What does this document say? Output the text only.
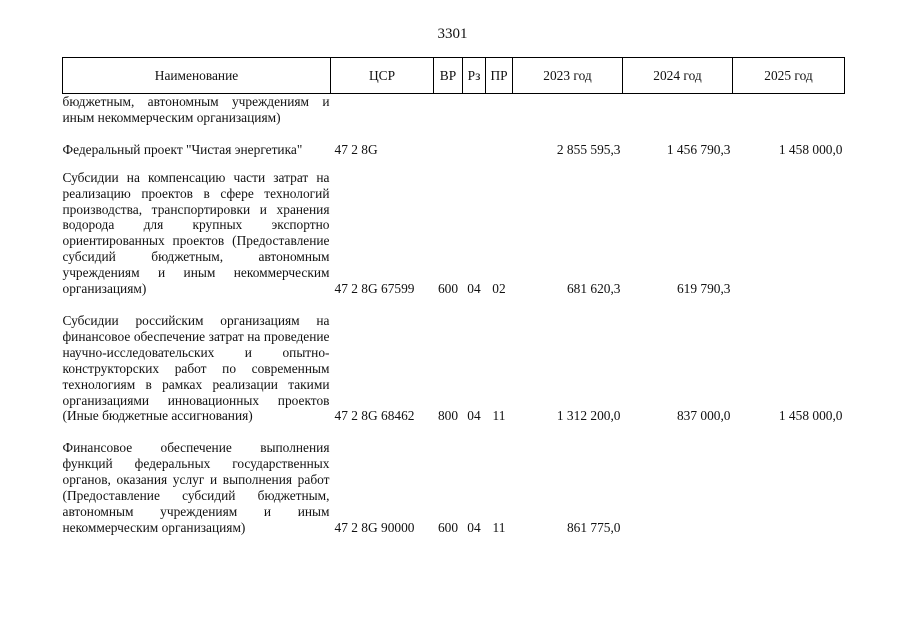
3301
Наименование	ЦСР	ВР	Рз	ПР	2023 год	2024 год	2025 год
бюджетным, автономным учреждениям и иным некоммерческим организациям)							

Федеральный проект "Чистая энергетика"	47 2 8G				2 855 595,3	1 456 790,3	1 458 000,0

Субсидии на компенсацию части затрат на реализацию проектов в сфере технологий производства, транспортировки и хранения водорода для крупных экспортно ориентированных проектов (Предоставление субсидий бюджетным, автономным учреждениям и иным некоммерческим организациям)	47 2 8G 67599	600	04	02	681 620,3	619 790,3	

Субсидии российским организациям на финансовое обеспечение затрат на проведение научно-исследовательских и опытно-конструкторских работ по современным технологиям в рамках реализации такими организациями инновационных проектов (Иные бюджетные ассигнования)	47 2 8G 68462	800	04	11	1 312 200,0	837 000,0	1 458 000,0

Финансовое обеспечение выполнения функций федеральных государственных органов, оказания услуг и выполнения работ (Предоставление субсидий бюджетным, автономным учреждениям и иным некоммерческим организациям)	47 2 8G 90000	600	04	11	861 775,0		
